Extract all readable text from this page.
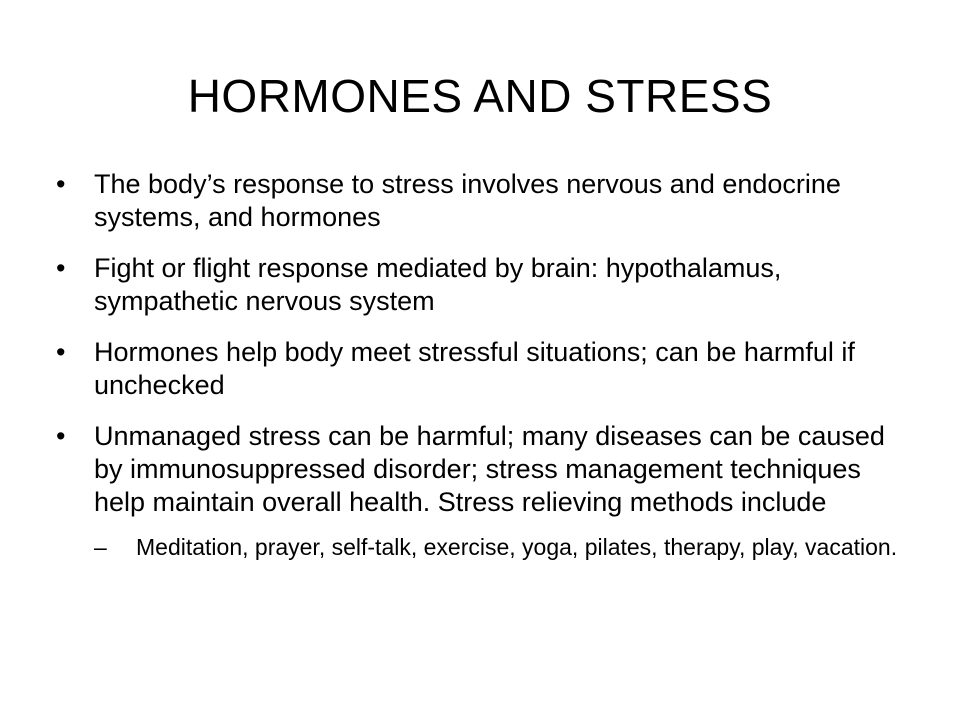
HORMONES AND STRESS
•	The body’s response to stress involves nervous and endocrine systems, and hormones
•	Fight or flight response mediated by brain: hypothalamus, sympathetic nervous system
•	Hormones help body meet stressful situations; can be harmful if unchecked
•	Unmanaged stress can be harmful; many diseases can be caused by immunosuppressed disorder; stress management techniques help maintain overall health. Stress relieving methods include
–	Meditation, prayer, self-talk, exercise, yoga, pilates, therapy, play, vacation.
